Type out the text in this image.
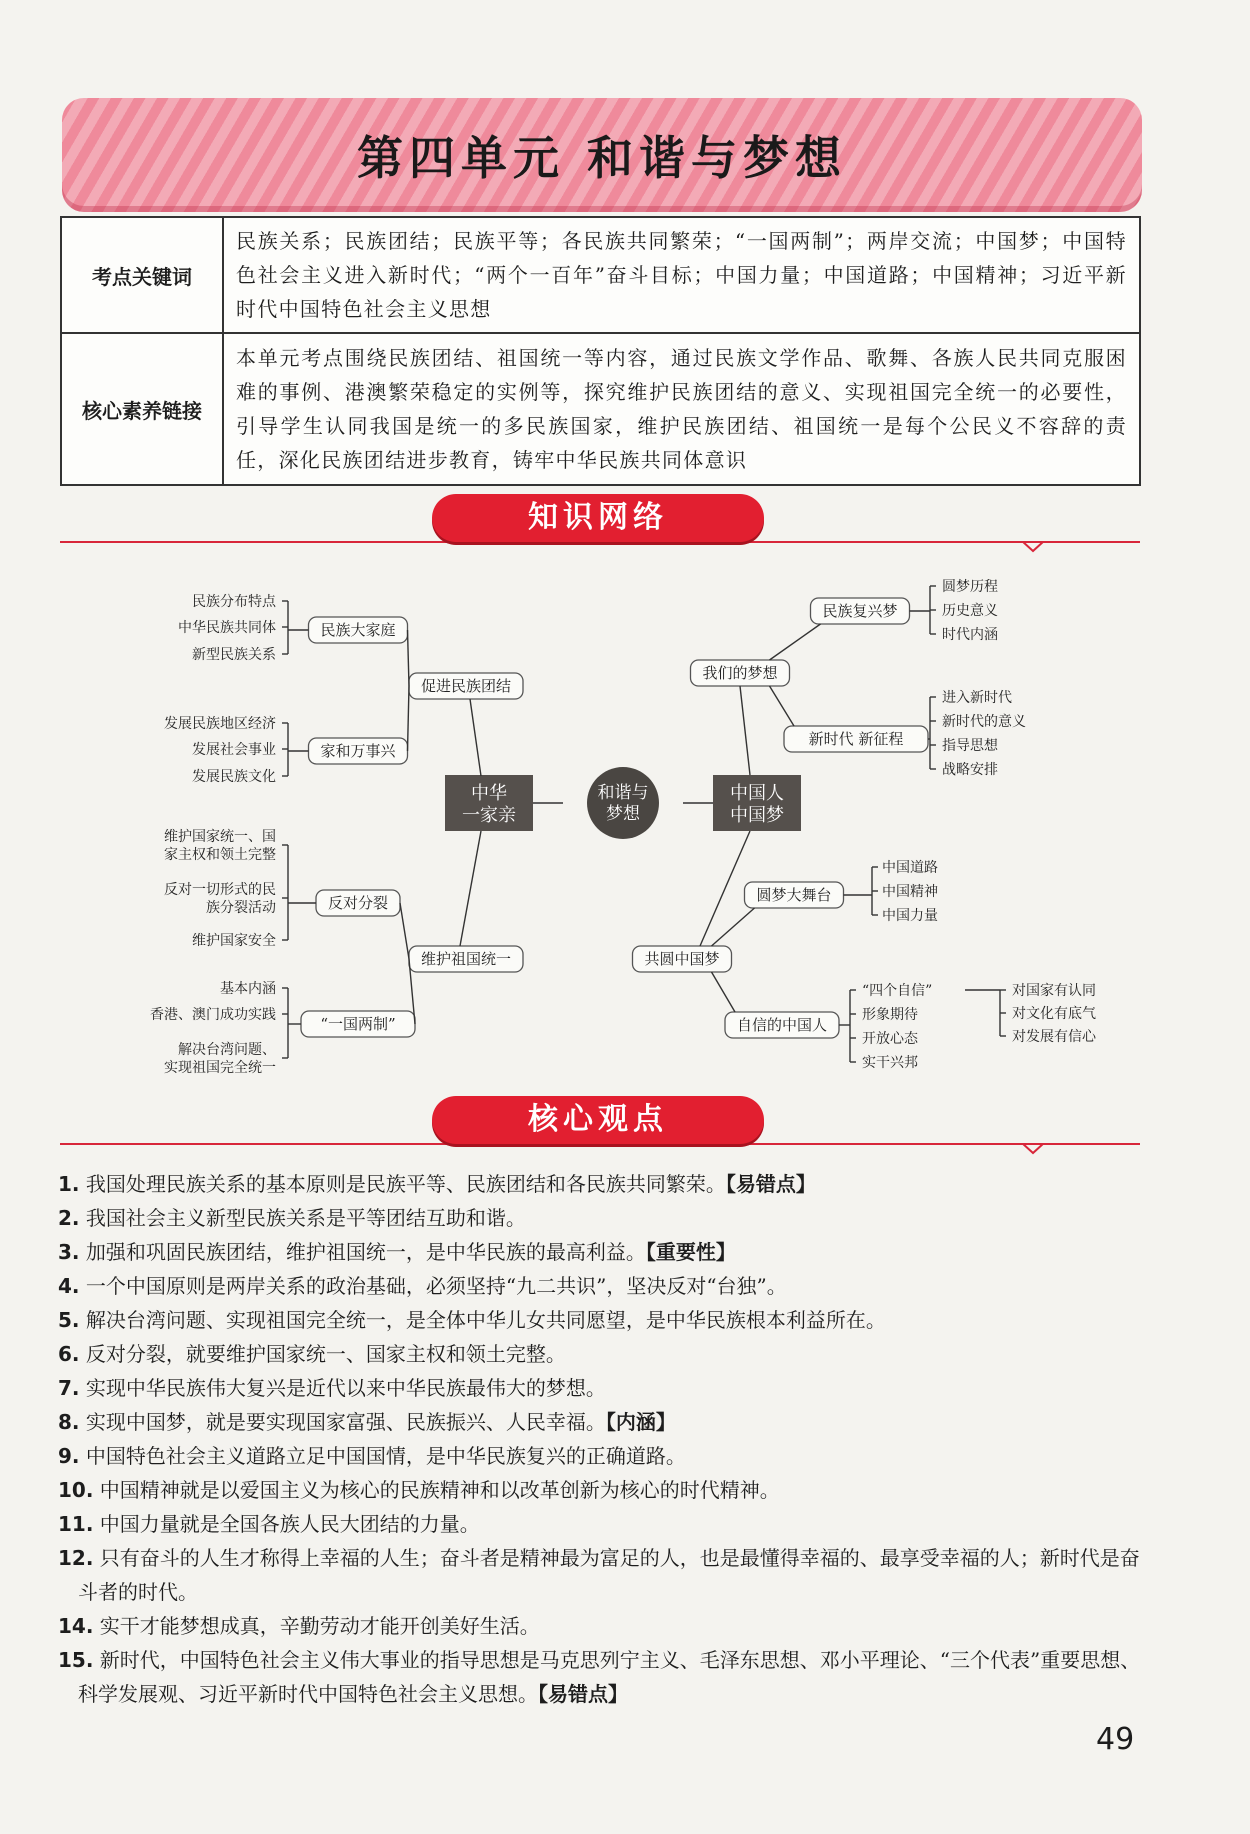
第四单元 和谐与梦想
考点关键词	民族关系；民族团结；民族平等；各民族共同繁荣；“一国两制”；两岸交流；中国梦；中国特色社会主义进入新时代；“两个一百年”奋斗目标；中国力量；中国道路；中国精神；习近平新时代中国特色社会主义思想
核心素养链接	本单元考点围绕民族团结、祖国统一等内容，通过民族文学作品、歌舞、各族人民共同克服困难的事例、港澳繁荣稳定的实例等，探究维护民族团结的意义、实现祖国完全统一的必要性，引导学生认同我国是统一的多民族国家，维护民族团结、祖国统一是每个公民义不容辞的责任，深化民族团结进步教育，铸牢中华民族共同体意识
知识网络
中华
一家亲
中国人
中国梦
和谐与
梦想
促进民族团结
维护祖国统一
民族大家庭
家和万事兴
反对分裂
“一国两制”
民族分布特点
中华民族共同体
新型民族关系
发展民族地区经济
发展社会事业
发展民族文化
维护国家统一、国
家主权和领土完整
反对一切形式的民
族分裂活动
维护国家安全
基本内涵
香港、澳门成功实践
解决台湾问题、
实现祖国完全统一
我们的梦想
共圆中国梦
民族复兴梦
新时代 新征程
圆梦大舞台
自信的中国人
圆梦历程
历史意义
时代内涵
进入新时代
新时代的意义
指导思想
战略安排
中国道路
中国精神
中国力量
“四个自信”
形象期待
开放心态
实干兴邦
对国家有认同
对文化有底气
对发展有信心
核心观点
1. 我国处理民族关系的基本原则是民族平等、民族团结和各民族共同繁荣。【易错点】
2. 我国社会主义新型民族关系是平等团结互助和谐。
3. 加强和巩固民族团结，维护祖国统一，是中华民族的最高利益。【重要性】
4. 一个中国原则是两岸关系的政治基础，必须坚持“九二共识”，坚决反对“台独”。
5. 解决台湾问题、实现祖国完全统一，是全体中华儿女共同愿望，是中华民族根本利益所在。
6. 反对分裂，就要维护国家统一、国家主权和领土完整。
7. 实现中华民族伟大复兴是近代以来中华民族最伟大的梦想。
8. 实现中国梦，就是要实现国家富强、民族振兴、人民幸福。【内涵】
9. 中国特色社会主义道路立足中国国情，是中华民族复兴的正确道路。
10. 中国精神就是以爱国主义为核心的民族精神和以改革创新为核心的时代精神。
11. 中国力量就是全国各族人民大团结的力量。
12. 只有奋斗的人生才称得上幸福的人生；奋斗者是精神最为富足的人，也是最懂得幸福的、最享受幸福的人；新时代是奋斗者的时代。
14. 实干才能梦想成真，辛勤劳动才能开创美好生活。
15. 新时代，中国特色社会主义伟大事业的指导思想是马克思列宁主义、毛泽东思想、邓小平理论、“三个代表”重要思想、科学发展观、习近平新时代中国特色社会主义思想。【易错点】
49
